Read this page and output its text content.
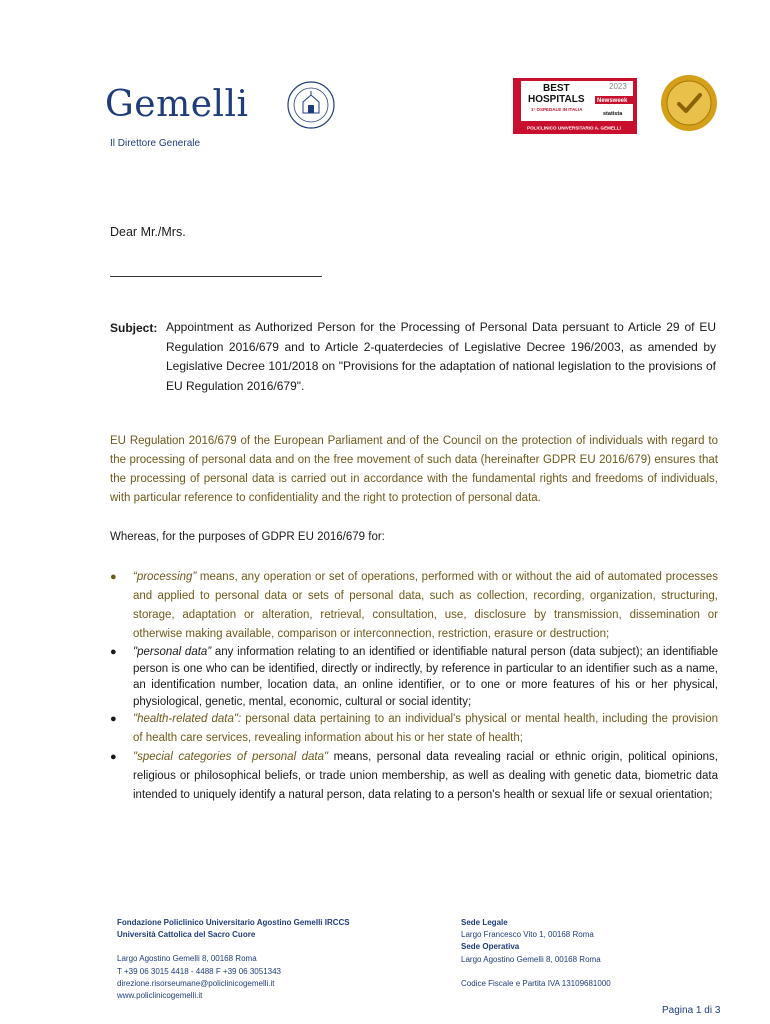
Gemelli
Il Direttore Generale
BEST
HOSPITALS
2023
Newsweek
1° OSPEDALE IN ITALIA
statista
POLICLINICO UNIVERSITARIO A. GEMELLI
Dear Mr./Mrs.
Subject: Appointment as Authorized Person for the Processing of Personal Data persuant to Article 29 of EU Regulation 2016/679 and to Article 2-quaterdecies of Legislative Decree 196/2003, as amended by Legislative Decree 101/2018 on "Provisions for the adaptation of national legislation to the provisions of EU Regulation 2016/679".
EU Regulation 2016/679 of the European Parliament and of the Council on the protection of individuals with regard to the processing of personal data and on the free movement of such data (hereinafter GDPR EU 2016/679) ensures that the processing of personal data is carried out in accordance with the fundamental rights and freedoms of individuals, with particular reference to confidentiality and the right to protection of personal data.
Whereas, for the purposes of GDPR EU 2016/679 for:
● “processing” means, any operation or set of operations, performed with or without the aid of automated processes and applied to personal data or sets of personal data, such as collection, recording, organization, structuring, storage, adaptation or alteration, retrieval, consultation, use, disclosure by transmission, dissemination or otherwise making available, comparison or interconnection, restriction, erasure or destruction;
● "personal data” any information relating to an identified or identifiable natural person (data subject); an identifiable person is one who can be identified, directly or indirectly, by reference in particular to an identifier such as a name, an identification number, location data, an online identifier, or to one or more features of his or her physical, physiological, genetic, mental, economic, cultural or social identity;
● "health-related data": personal data pertaining to an individual's physical or mental health, including the provision of health care services, revealing information about his or her state of health;
● "special categories of personal data" means, personal data revealing racial or ethnic origin, political opinions, religious or philosophical beliefs, or trade union membership, as well as dealing with genetic data, biometric data intended to uniquely identify a natural person, data relating to a person's health or sexual life or sexual orientation;
Fondazione Policlinico Universitario Agostino Gemelli IRCCS
Università Cattolica del Sacro Cuore
Largo Agostino Gemelli 8, 00168 Roma
T +39 06 3015 4418 - 4488 F +39 06 3051343
direzione.risorseumane@policlinicogemelli.it
www.policlinicogemelli.it
Sede Legale
Largo Francesco Vito 1, 00168 Roma
Sede Operativa
Largo Agostino Gemelli 8, 00168 Roma
Codice Fiscale e Partita IVA 13109681000
Pagina 1 di 3
